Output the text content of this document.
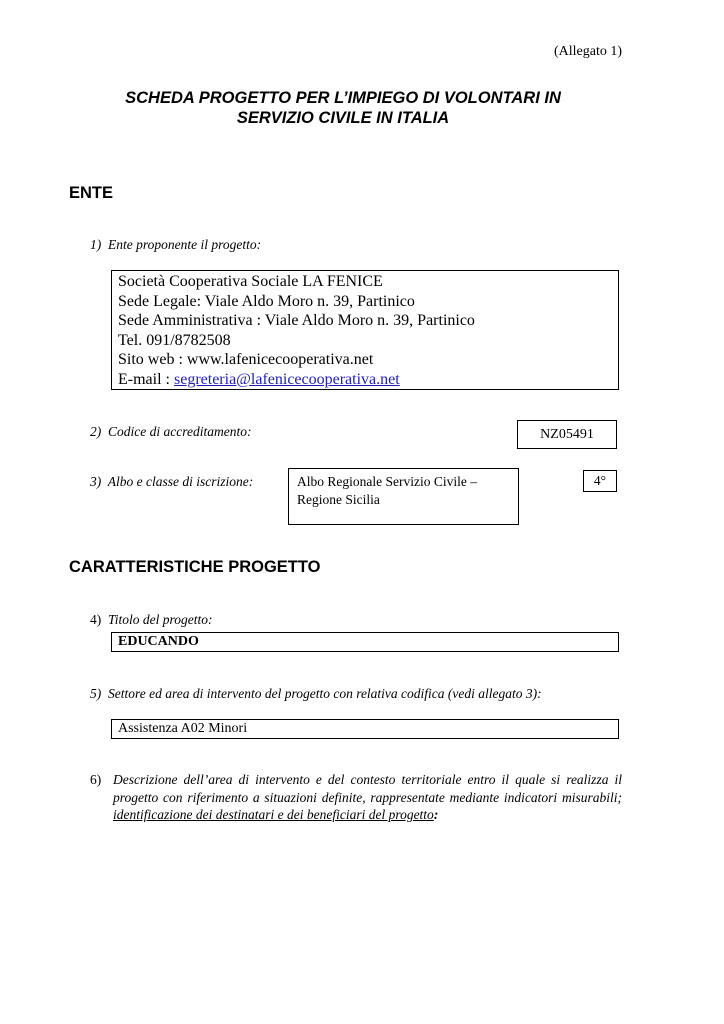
(Allegato 1)
SCHEDA PROGETTO PER L’IMPIEGO DI VOLONTARI IN
SERVIZIO CIVILE IN ITALIA
ENTE
1) Ente proponente il progetto:
Società Cooperativa Sociale LA FENICE
Sede Legale: Viale Aldo Moro n. 39, Partinico
Sede Amministrativa : Viale Aldo Moro n. 39, Partinico
Tel. 091/8782508
Sito web : www.lafenicecooperativa.net
E-mail : segreteria@lafenicecooperativa.net
2) Codice di accreditamento:	NZ05491
3) Albo e classe di iscrizione:	Albo Regionale Servizio Civile – Regione Sicilia
4°
CARATTERISTICHE PROGETTO
4) Titolo del progetto:
EDUCANDO
5) Settore ed area di intervento del progetto con relativa codifica (vedi allegato 3):
Assistenza A02 Minori
6) Descrizione dell’area di intervento e del contesto territoriale entro il quale si realizza il progetto con riferimento a situazioni definite, rappresentate mediante indicatori misurabili; identificazione dei destinatari e dei beneficiari del progetto:
